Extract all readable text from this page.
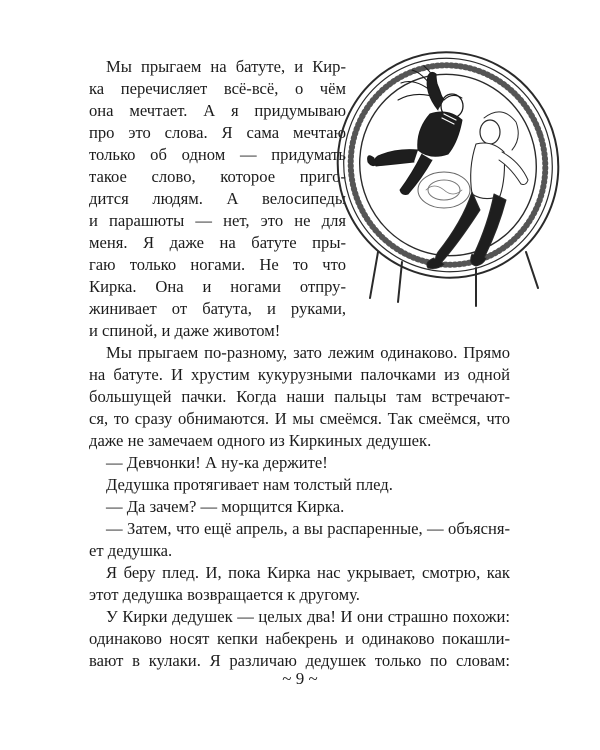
Мы прыгаем на батуте, и Кир-
ка перечисляет всё-всё, о чём
она мечтает. А я придумываю
про это слова. Я сама мечтаю
только об одном — придумать
такое слово, которое приго-
дится людям. А велосипеды
и парашюты — нет, это не для
меня. Я даже на батуте пры-
гаю только ногами. Не то что
Кирка. Она и ногами отпру-
жинивает от батута, и руками,
и спиной, и даже животом!
Мы прыгаем по-разному, зато лежим одинаково. Прямо
на батуте. И хрустим кукурузными палочками из одной
большущей пачки. Когда наши пальцы там встречают-
ся, то сразу обнимаются. И мы смеёмся. Так смеёмся, что
даже не замечаем одного из Киркиных дедушек.
— Девчонки! А ну-ка держите!
Дедушка протягивает нам толстый плед.
— Да зачем? — морщится Кирка.
— Затем, что ещё апрель, а вы распаренные, — объясня-
ет дедушка.
Я беру плед. И, пока Кирка нас укрывает, смотрю, как
этот дедушка возвращается к другому.
У Кирки дедушек — целых два! И они страшно похожи:
одинаково носят кепки набекрень и одинаково покашли-
вают в кулаки. Я различаю дедушек только по словам:
~ 9 ~
